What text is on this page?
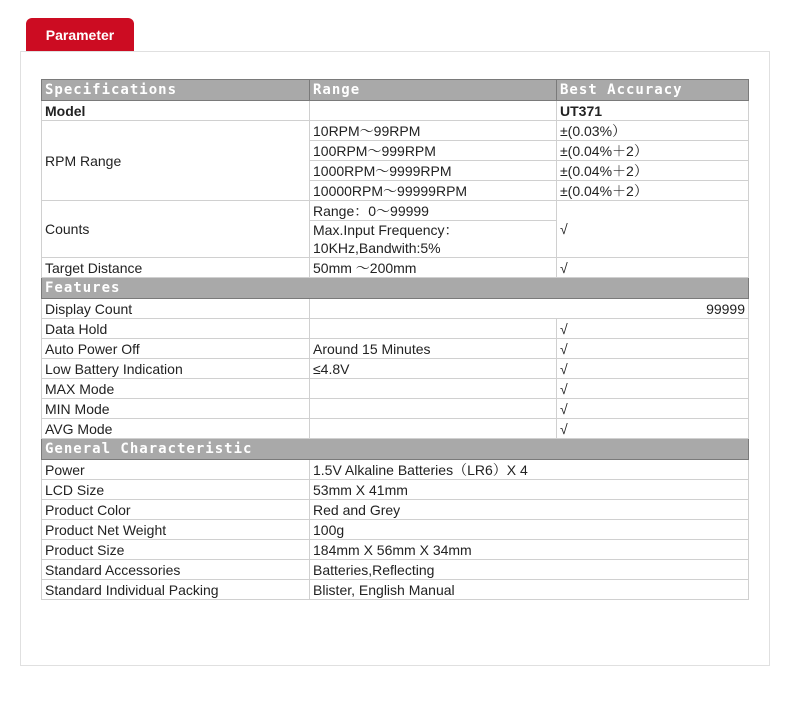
Parameter
Specifications	Range	Best Accuracy
Model		UT371
RPM Range	10RPM～99RPM	±(0.03%）
	100RPM～999RPM	±(0.04%＋2）
	1000RPM～9999RPM	±(0.04%＋2）
	10000RPM～99999RPM	±(0.04%＋2）
Counts	Range：0～99999	√
	Max.Input Frequency：10KHz,Bandwith:5%	
Target Distance	50mm ～200mm	√
Features		
Display Count	99999	
Data Hold		√
Auto Power Off	Around 15 Minutes	√
Low Battery Indication	≤4.8V	√
MAX Mode		√
MIN Mode		√
AVG Mode		√
General Characteristic		
Power	1.5V Alkaline Batteries（LR6）X 4	
LCD Size	53mm X 41mm	
Product Color	Red and Grey	
Product Net Weight	100g	
Product Size	184mm X 56mm X 34mm	
Standard Accessories	Batteries,Reflecting	
Standard Individual Packing	Blister, English Manual	
